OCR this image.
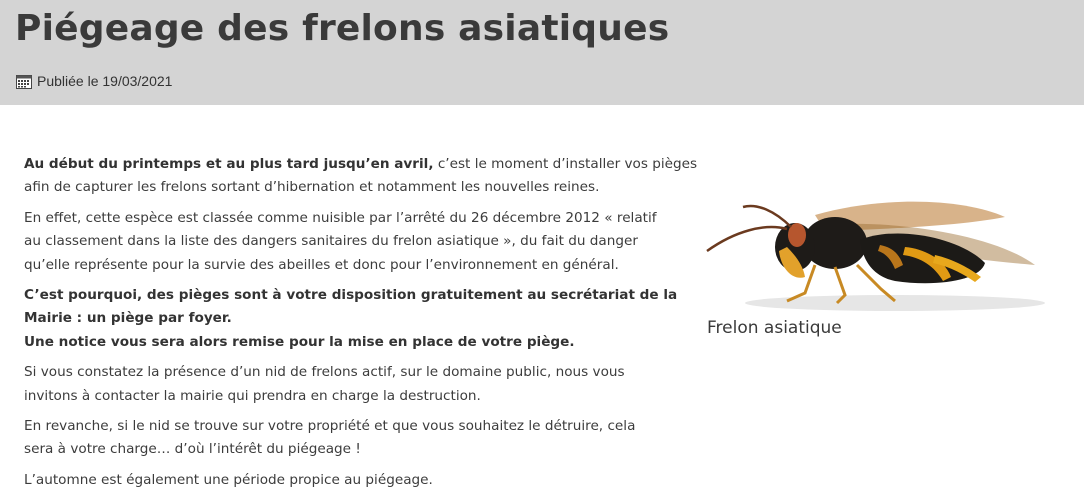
Piégeage des frelons asiatiques
Publiée le 19/03/2021

Au début du printemps et au plus tard jusqu’en avril, c’est le moment d’installer vos pièges
afin de capturer les frelons sortant d’hibernation et notamment les nouvelles reines.

En effet, cette espèce est classée comme nuisible par l’arrêté du 26 décembre 2012 « relatif
au classement dans la liste des dangers sanitaires du frelon asiatique », du fait du danger
qu’elle représente pour la survie des abeilles et donc pour l’environnement en général.

C’est pourquoi, des pièges sont à votre disposition gratuitement au secrétariat de la
Mairie : un piège par foyer.
Une notice vous sera alors remise pour la mise en place de votre piège.

Si vous constatez la présence d’un nid de frelons actif, sur le domaine public, nous vous
invitons à contacter la mairie qui prendra en charge la destruction.

En revanche, si le nid se trouve sur votre propriété et que vous souhaitez le détruire, cela
sera à votre charge… d’où l’intérêt du piégeage !

L’automne est également une période propice au piégeage.

Frelon asiatique
